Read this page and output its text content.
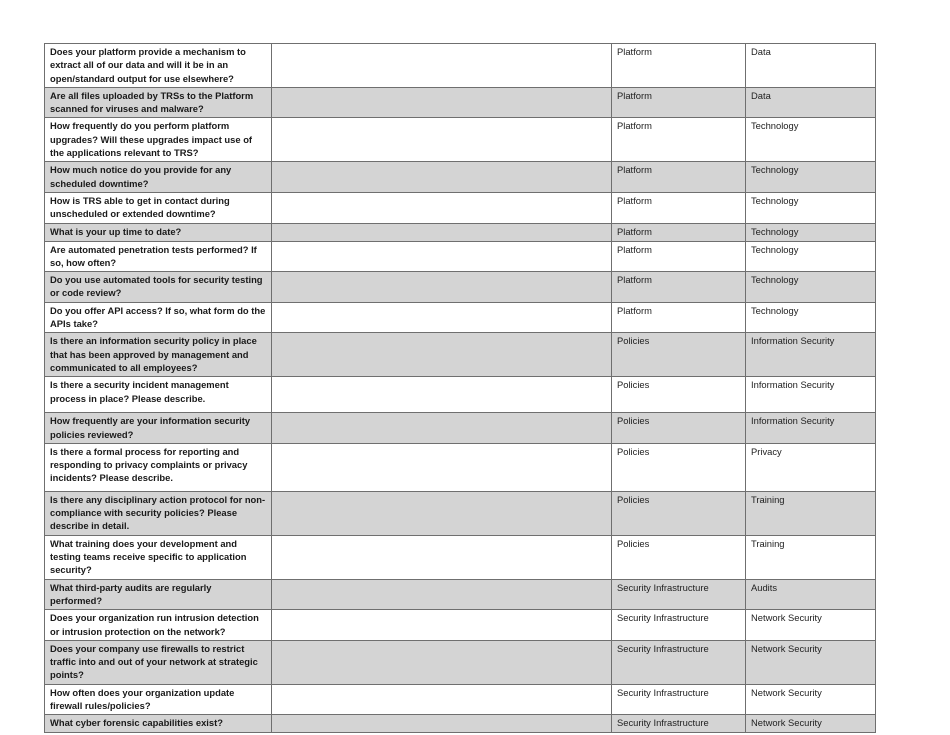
Does your platform provide a mechanism to extract all of our data and will it be in an open/standard output for use elsewhere?		Platform	Data
Are all files uploaded by TRSs to the Platform scanned for viruses and malware?		Platform	Data
How frequently do you perform platform upgrades? Will these upgrades impact use of the applications relevant to TRS?		Platform	Technology
How much notice do you provide for any scheduled downtime?		Platform	Technology
How is TRS able to get in contact during unscheduled or extended downtime?		Platform	Technology
What is your up time to date?		Platform	Technology
Are automated penetration tests performed? If so, how often?		Platform	Technology
Do you use automated tools for security testing or code review?		Platform	Technology
Do you offer API access? If so, what form do the APIs take?		Platform	Technology
Is there an information security policy in place that has been approved by management and communicated to all employees?		Policies	Information Security
Is there a security incident management process in place? Please describe.		Policies	Information Security
How frequently are your information security policies reviewed?		Policies	Information Security
Is there a formal process for reporting and responding to privacy complaints or privacy incidents? Please describe.		Policies	Privacy
Is there any disciplinary action protocol for non-compliance with security policies? Please describe in detail.		Policies	Training
What training does your development and testing teams receive specific to application security?		Policies	Training
What third-party audits are regularly performed?		Security Infrastructure	Audits
Does your organization run intrusion detection or intrusion protection on the network?		Security Infrastructure	Network Security
Does your company use firewalls to restrict traffic into and out of your network at strategic points?		Security Infrastructure	Network Security
How often does your organization update firewall rules/policies?		Security Infrastructure	Network Security
What cyber forensic capabilities exist?		Security Infrastructure	Network Security
